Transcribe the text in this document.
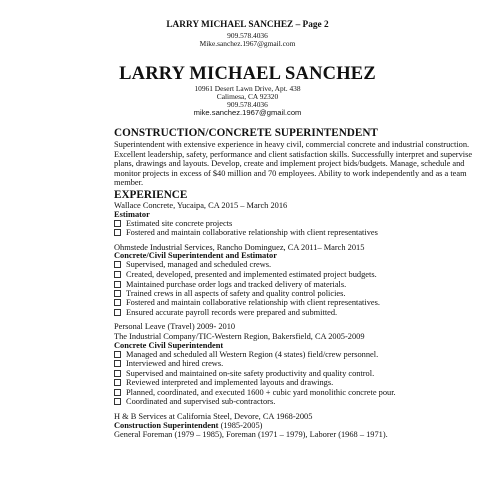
LARRY MICHAEL SANCHEZ – Page 2
909.578.4036
Mike.sanchez.1967@gmail.com
LARRY MICHAEL SANCHEZ
10961 Desert Lawn Drive, Apt. 438
Calimesa, CA 92320
909.578.4036
mike.sanchez.1967@gmail.com
CONSTRUCTION/CONCRETE SUPERINTENDENT
Superintendent with extensive experience in heavy civil, commercial concrete and industrial construction. Excellent leadership, safety, performance and client satisfaction skills. Successfully interpret and supervise plans, drawings and layouts. Develop, create and implement project bids/budgets. Manage, schedule and monitor projects in excess of $40 million and 70 employees. Ability to work independently and as a team member.
EXPERIENCE
Wallace Concrete, Yucaipa, CA 2015 – March 2016
Estimator
Estimated site concrete projects
Fostered and maintain collaborative relationship with client representatives
Ohmstede Industrial Services, Rancho Dominguez, CA 2011– March 2015
Concrete/Civil Superintendent and Estimator
Supervised, managed and scheduled crews.
Created, developed, presented and implemented estimated project budgets.
Maintained purchase order logs and tracked delivery of materials.
Trained crews in all aspects of safety and quality control policies.
Fostered and maintain collaborative relationship with client representatives.
Ensured accurate payroll records were prepared and submitted.
Personal Leave (Travel) 2009- 2010
The Industrial Company/TIC-Western Region, Bakersfield, CA 2005-2009
Concrete Civil Superintendent
Managed and scheduled all Western Region (4 states) field/crew personnel.
Interviewed and hired crews.
Supervised and maintained on-site safety productivity and quality control.
Reviewed interpreted and implemented layouts and drawings.
Planned, coordinated, and executed 1600 + cubic yard monolithic concrete pour.
Coordinated and supervised sub-contractors.
H & B Services at California Steel, Devore, CA 1968-2005
Construction Superintendent (1985-2005)
General Foreman (1979 – 1985), Foreman (1971 – 1979), Laborer (1968 – 1971).
